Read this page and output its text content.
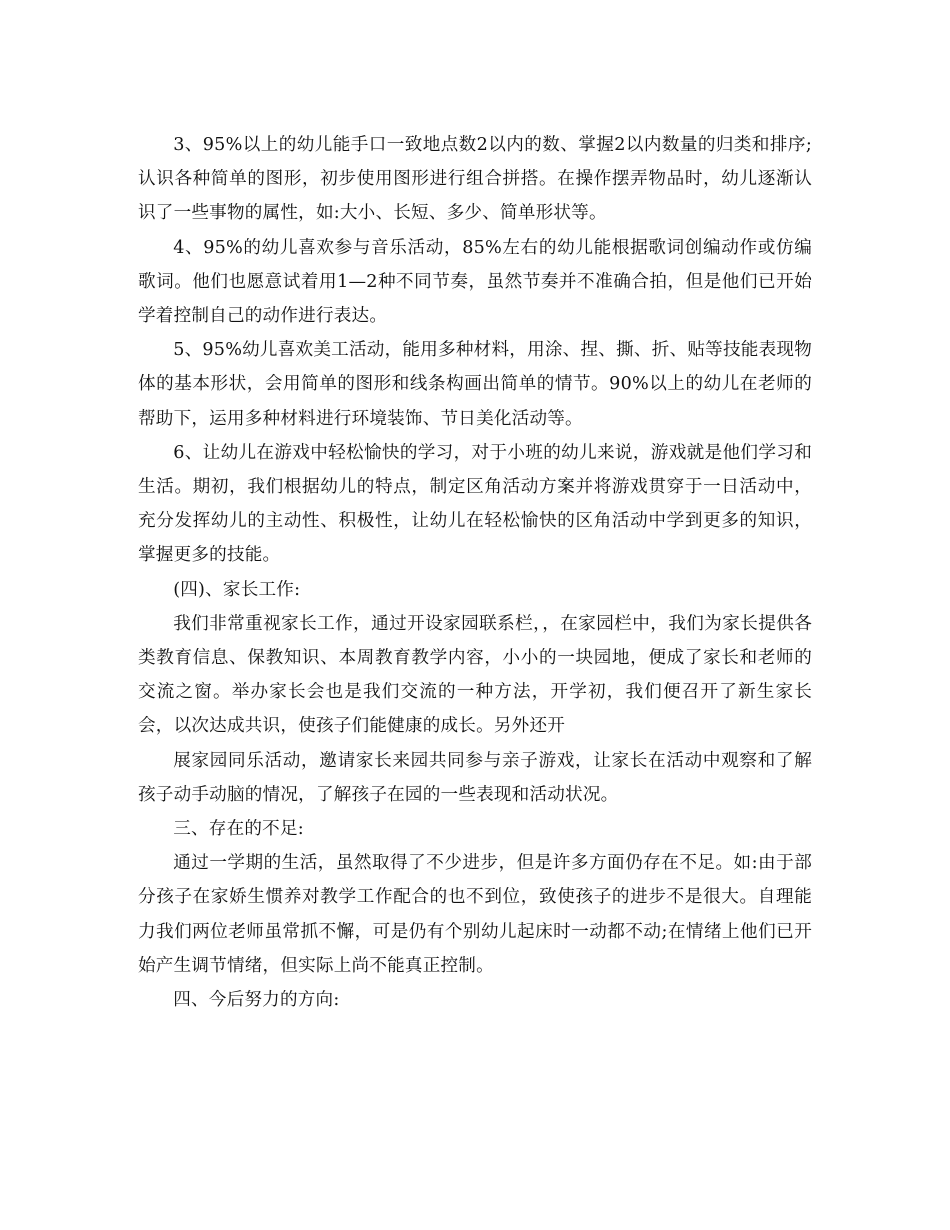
3、95%以上的幼儿能手口一致地点数2以内的数、掌握2以内数量的归类和排序;认识各种简单的图形，初步使用图形进行组合拼搭。在操作摆弄物品时，幼儿逐渐认识了一些事物的属性，如:大小、长短、多少、简单形状等。

4、95%的幼儿喜欢参与音乐活动，85%左右的幼儿能根据歌词创编动作或仿编歌词。他们也愿意试着用1—2种不同节奏，虽然节奏并不准确合拍，但是他们已开始学着控制自己的动作进行表达。

5、95%幼儿喜欢美工活动，能用多种材料，用涂、捏、撕、折、贴等技能表现物体的基本形状，会用简单的图形和线条构画出简单的情节。90%以上的幼儿在老师的帮助下，运用多种材料进行环境装饰、节日美化活动等。

6、让幼儿在游戏中轻松愉快的学习，对于小班的幼儿来说，游戏就是他们学习和生活。期初，我们根据幼儿的特点，制定区角活动方案并将游戏贯穿于一日活动中，充分发挥幼儿的主动性、积极性，让幼儿在轻松愉快的区角活动中学到更多的知识，掌握更多的技能。

(四)、家长工作:

我们非常重视家长工作，通过开设家园联系栏，，在家园栏中，我们为家长提供各类教育信息、保教知识、本周教育教学内容，小小的一块园地，便成了家长和老师的交流之窗。举办家长会也是我们交流的一种方法，开学初，我们便召开了新生家长会，以次达成共识，使孩子们能健康的成长。另外还开

展家园同乐活动，邀请家长来园共同参与亲子游戏，让家长在活动中观察和了解孩子动手动脑的情况，了解孩子在园的一些表现和活动状况。

三、存在的不足:

通过一学期的生活，虽然取得了不少进步，但是许多方面仍存在不足。如:由于部分孩子在家娇生惯养对教学工作配合的也不到位，致使孩子的进步不是很大。自理能力我们两位老师虽常抓不懈，可是仍有个别幼儿起床时一动都不动;在情绪上他们已开始产生调节情绪，但实际上尚不能真正控制。

四、今后努力的方向:
